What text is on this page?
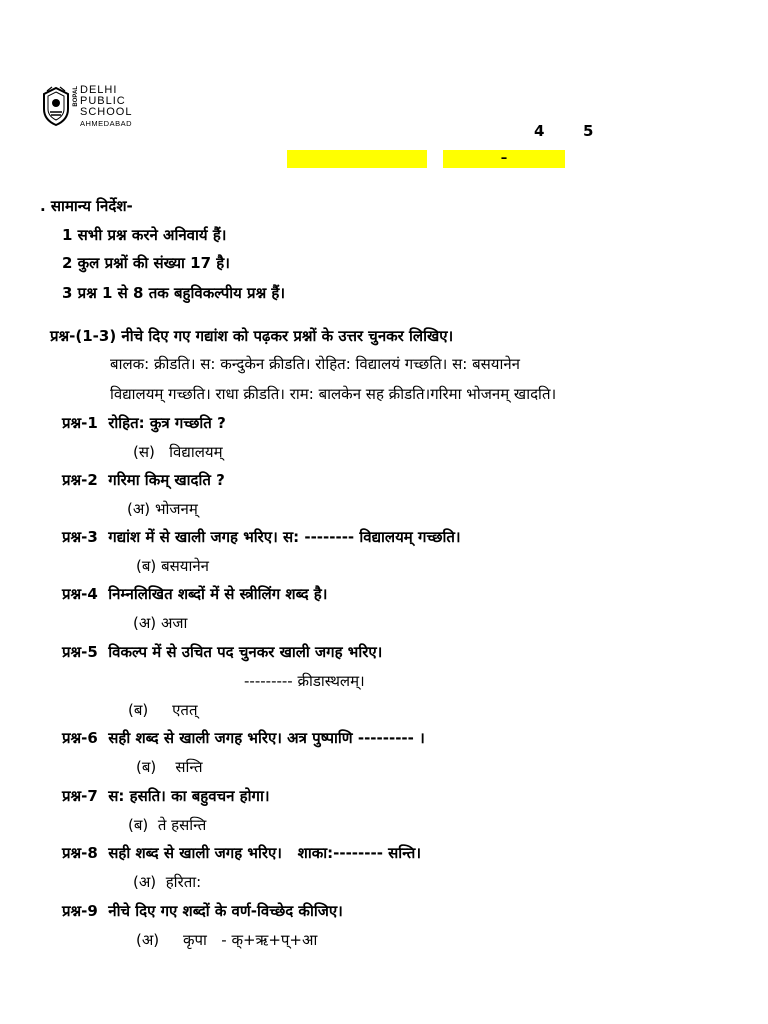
BOPAL DELHI
PUBLIC
SCHOOL
AHMEDABAD	4	5
–
. सामान्य निर्देश-
1 सभी प्रश्न करने अनिवार्य हैं।
2 कुल प्रश्नों की संख्या 17 है।
3 प्रश्न 1 से 8 तक बहुविकल्पीय प्रश्न हैं।
प्रश्न-(1-3) नीचे दिए गए गद्यांश को पढ़कर प्रश्नों के उत्तर चुनकर लिखिए।
बालक: क्रीडति। स: कन्दुकेन क्रीडति। रोहित: विद्यालयं गच्छति। स: बसयानेन
विद्यालयम् गच्छति। राधा क्रीडति। राम: बालकेन सह क्रीडति।गरिमा भोजनम् खादति।
प्रश्न-1 रोहित: कुत्र गच्छति ?
(स) विद्यालयम्
प्रश्न-2 गरिमा किम् खादति ?
(अ) भोजनम्
प्रश्न-3 गद्यांश में से खाली जगह भरिए। स: -------- विद्यालयम् गच्छति।
(ब) बसयानेन
प्रश्न-4 निम्नलिखित शब्दों में से स्त्रीलिंग शब्द है।
(अ) अजा
प्रश्न-5 विकल्प में से उचित पद चुनकर खाली जगह भरिए।
--------- क्रीडास्थलम्।
(ब) एतत्
प्रश्न-6 सही शब्द से खाली जगह भरिए। अत्र पुष्पाणि --------- ।
(ब) सन्ति
प्रश्न-7 स: हसति। का बहुवचन होगा।
(ब) ते हसन्ति
प्रश्न-8 सही शब्द से खाली जगह भरिए।   शाका:-------- सन्ति।
(अ) हरिता:
प्रश्न-9 नीचे दिए गए शब्दों के वर्ण-विच्छेद कीजिए।
(अ) कृपा - क्+ऋ+प्+आ
